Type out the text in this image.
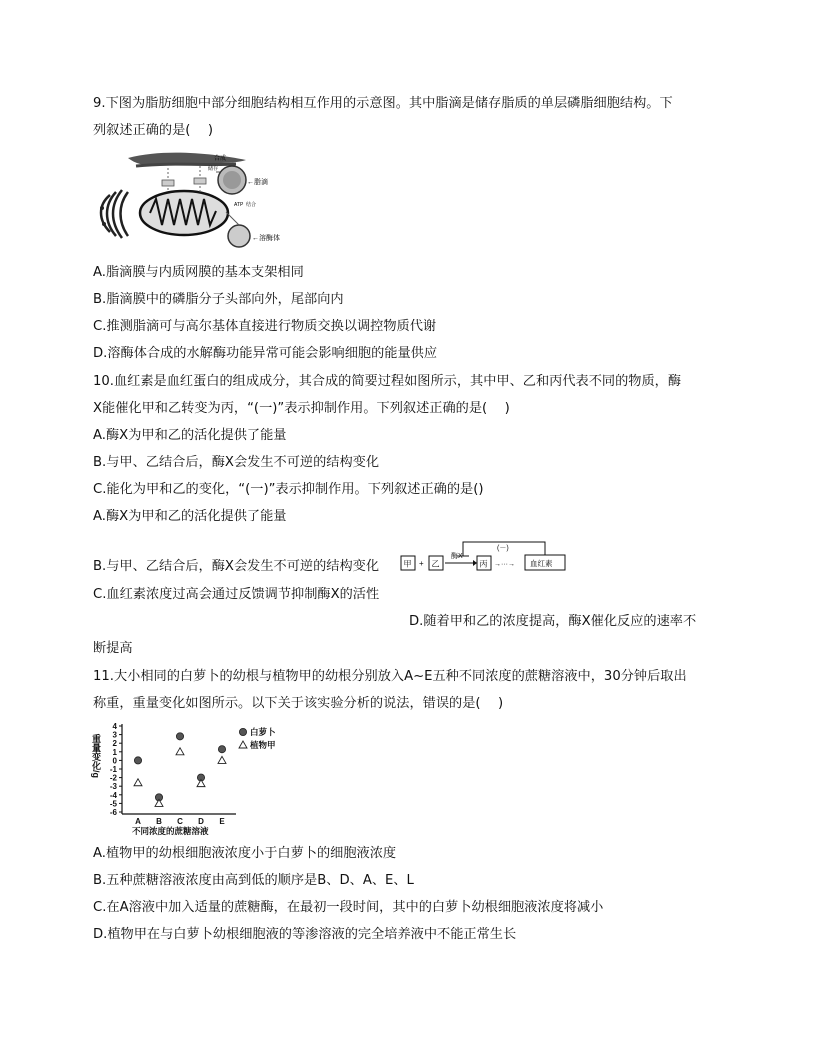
9.下图为脂肪细胞中部分细胞结构相互作用的示意图。其中脂滴是储存脂质的单层磷脂细胞结构。下
列叙述正确的是(　 )
合成
储存
←脂滴
ATP 结合
←溶酶体
A.脂滴膜与内质网膜的基本支架相同
B.脂滴膜中的磷脂分子头部向外，尾部向内
C.推测脂滴可与高尔基体直接进行物质交换以调控物质代谢
D.溶酶体合成的水解酶功能异常可能会影响细胞的能量供应
10.血红素是血红蛋白的组成成分，其合成的简要过程如图所示，其中甲、乙和丙代表不同的物质，酶
X能催化甲和乙转变为丙，“(一)”表示抑制作用。下列叙述正确的是(　 )
A.酶X为甲和乙的活化提供了能量
B.与甲、乙结合后，酶X会发生不可逆的结构变化
C.能化为甲和乙的变化，“(一)”表示抑制作用。下列叙述正确的是()
A.酶X为甲和乙的活化提供了能量
B.与甲、乙结合后，酶X会发生不可逆的结构变化	甲 + 乙
酶X
丙 →···→ 血红素
(－)
C.血红素浓度过高会通过反馈调节抑制酶X的活性
D.随着甲和乙的浓度提高，酶X催化反应的速率不
断提高
11.大小相同的白萝卜的幼根与植物甲的幼根分别放入A~E五种不同浓度的蔗糖溶液中，30分钟后取出
称重，重量变化如图所示。以下关于该实验分析的说法，错误的是(　 )
重量变化/g
4
3
2
1
0
-1
-2
-3
-4
-5
-6
A B C D E
不同浓度的蔗糖溶液
白萝卜
植物甲
A.植物甲的幼根细胞液浓度小于白萝卜的细胞液浓度
B.五种蔗糖溶液浓度由高到低的顺序是B、D、A、E、L
C.在A溶液中加入适量的蔗糖酶，在最初一段时间，其中的白萝卜幼根细胞液浓度将减小
D.植物甲在与白萝卜幼根细胞液的等渗溶液的完全培养液中不能正常生长
